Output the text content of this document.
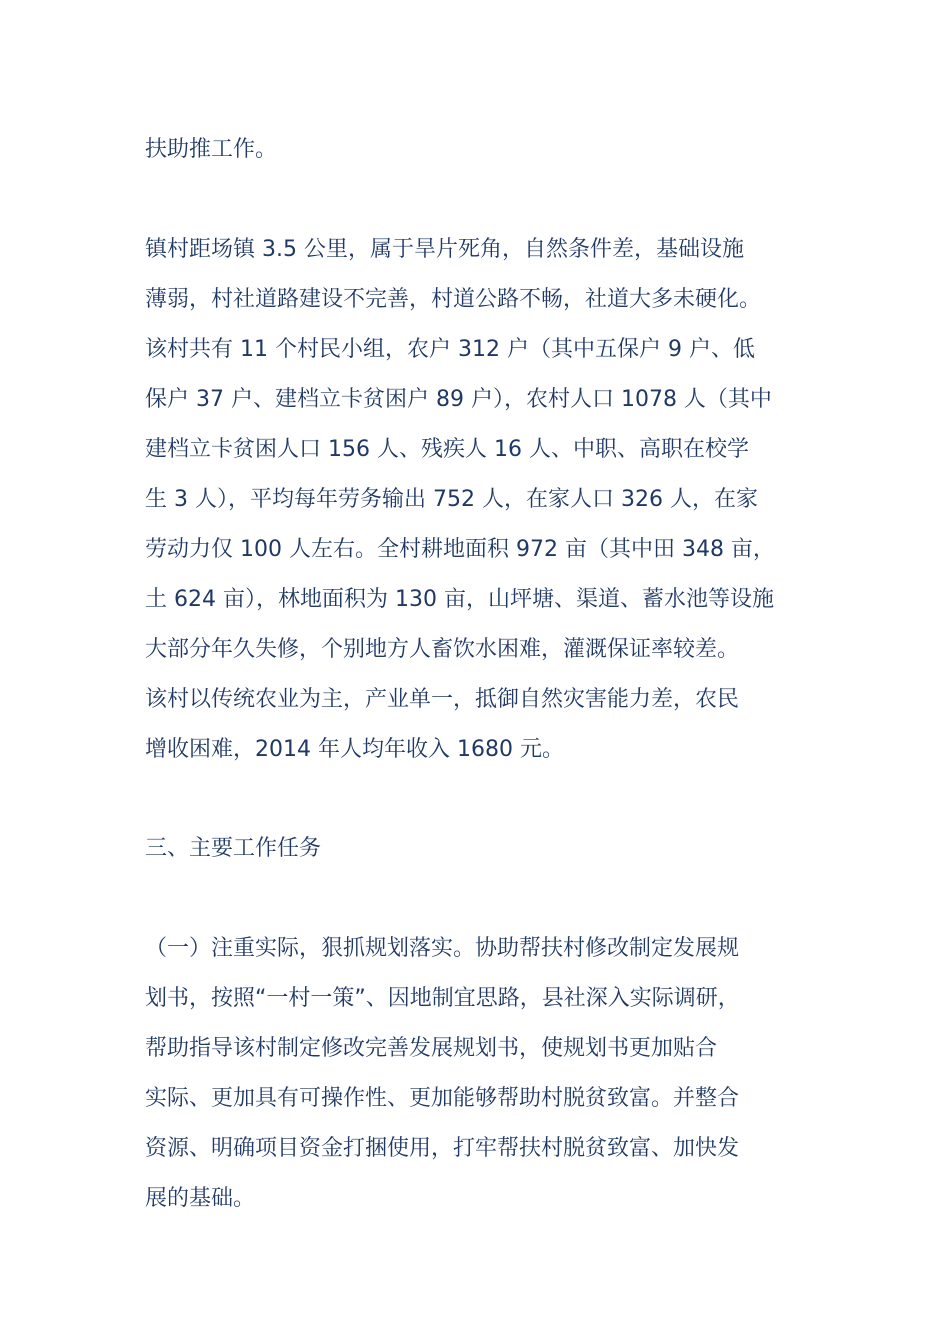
扶助推工作。
镇村距场镇 3.5 公里，属于旱片死角，自然条件差，基础设施
薄弱，村社道路建设不完善，村道公路不畅，社道大多未硬化。
该村共有 11 个村民小组，农户 312 户（其中五保户 9 户、低
保户 37 户、建档立卡贫困户 89 户），农村人口 1078 人（其中
建档立卡贫困人口 156 人、残疾人 16 人、中职、高职在校学
生 3 人），平均每年劳务输出 752 人，在家人口 326 人，在家
劳动力仅 100 人左右。全村耕地面积 972 亩（其中田 348 亩，
土 624 亩），林地面积为 130 亩，山坪塘、渠道、蓄水池等设施
大部分年久失修，个别地方人畜饮水困难，灌溉保证率较差。
该村以传统农业为主，产业单一，抵御自然灾害能力差，农民
增收困难，2014 年人均年收入 1680 元。
三、主要工作任务
（一）注重实际，狠抓规划落实。协助帮扶村修改制定发展规
划书，按照“一村一策”、因地制宜思路，县社深入实际调研，
帮助指导该村制定修改完善发展规划书，使规划书更加贴合
实际、更加具有可操作性、更加能够帮助村脱贫致富。并整合
资源、明确项目资金打捆使用，打牢帮扶村脱贫致富、加快发
展的基础。
